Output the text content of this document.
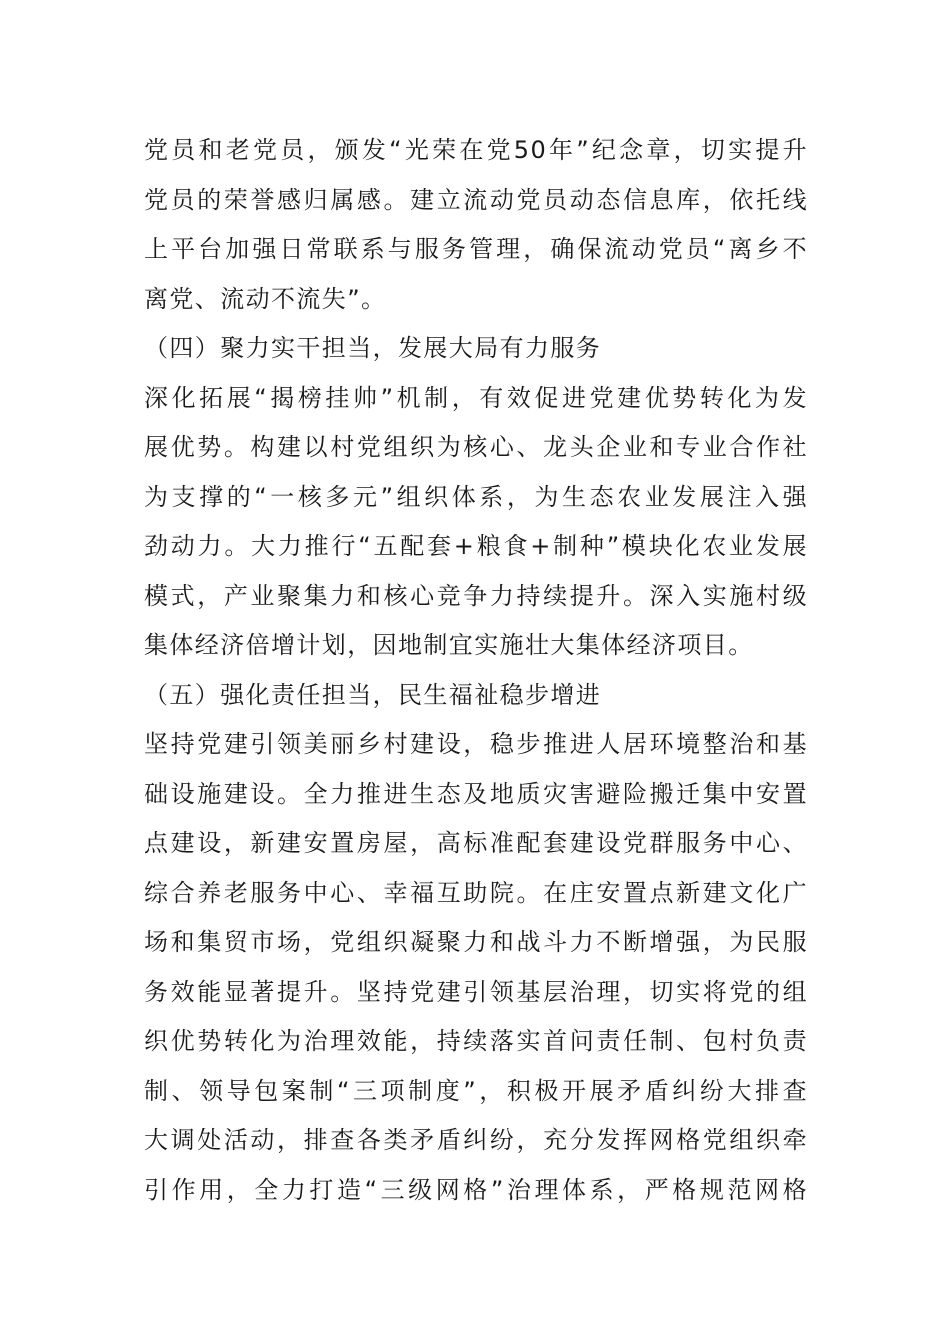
党员和老党员，颁发“光荣在党50年”纪念章，切实提升
党员的荣誉感归属感。建立流动党员动态信息库，依托线
上平台加强日常联系与服务管理，确保流动党员“离乡不
离党、流动不流失”。
（四）聚力实干担当，发展大局有力服务
深化拓展“揭榜挂帅”机制，有效促进党建优势转化为发
展优势。构建以村党组织为核心、龙头企业和专业合作社
为支撑的“一核多元”组织体系，为生态农业发展注入强
劲动力。大力推行“五配套+粮食+制种”模块化农业发展
模式，产业聚集力和核心竞争力持续提升。深入实施村级
集体经济倍增计划，因地制宜实施壮大集体经济项目。
（五）强化责任担当，民生福祉稳步增进
坚持党建引领美丽乡村建设，稳步推进人居环境整治和基
础设施建设。全力推进生态及地质灾害避险搬迁集中安置
点建设，新建安置房屋，高标准配套建设党群服务中心、
综合养老服务中心、幸福互助院。在庄安置点新建文化广
场和集贸市场，党组织凝聚力和战斗力不断增强，为民服
务效能显著提升。坚持党建引领基层治理，切实将党的组
织优势转化为治理效能，持续落实首问责任制、包村负责
制、领导包案制“三项制度”，积极开展矛盾纠纷大排查
大调处活动，排查各类矛盾纠纷，充分发挥网格党组织牵
引作用，全力打造“三级网格”治理体系，严格规范网格
